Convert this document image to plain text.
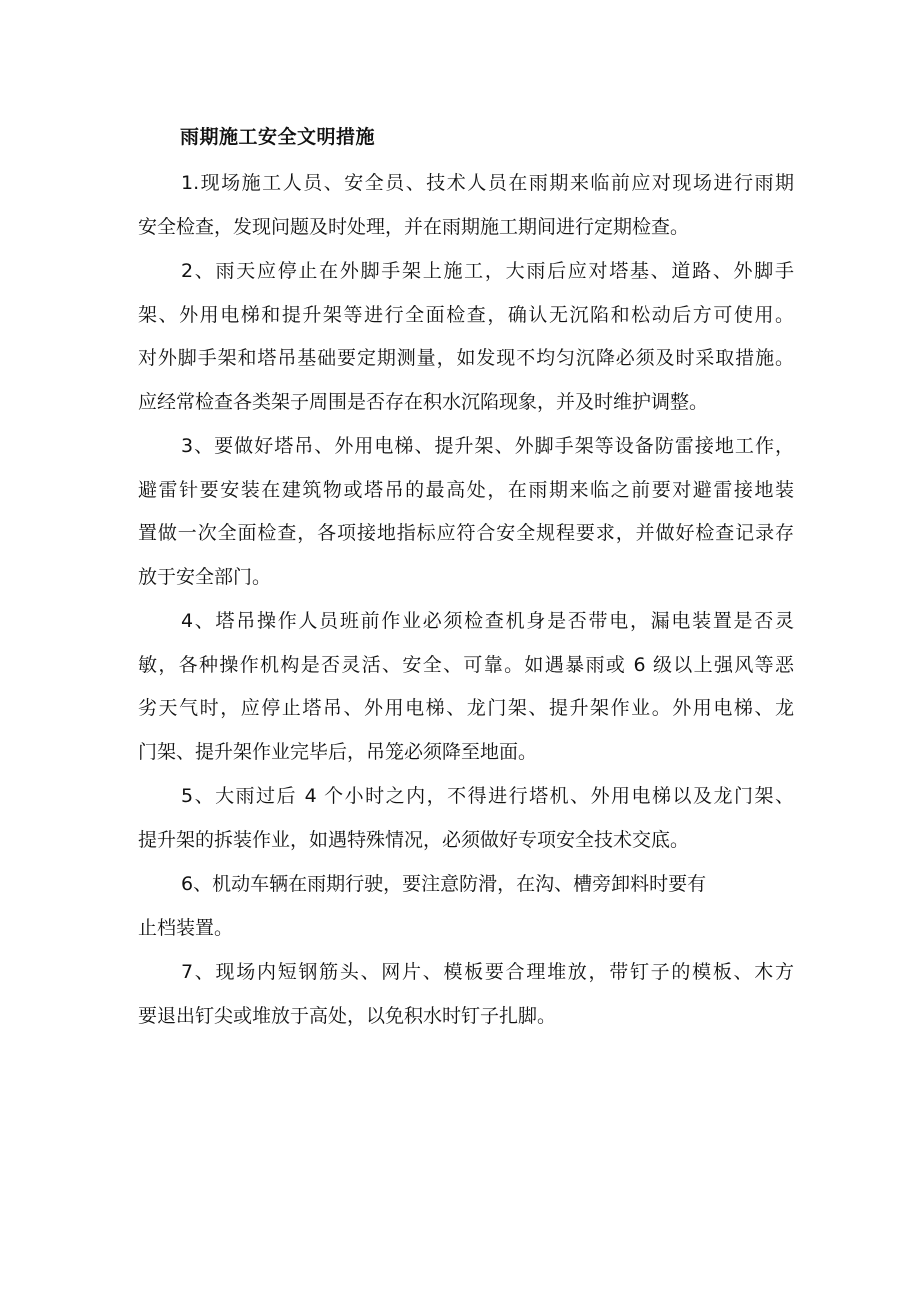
雨期施工安全文明措施
1.现场施工人员、安全员、技术人员在雨期来临前应对现场进行雨期
安全检查，发现问题及时处理，并在雨期施工期间进行定期检查。
2、雨天应停止在外脚手架上施工，大雨后应对塔基、道路、外脚手
架、外用电梯和提升架等进行全面检查，确认无沉陷和松动后方可使用。
对外脚手架和塔吊基础要定期测量，如发现不均匀沉降必须及时采取措施。
应经常检查各类架子周围是否存在积水沉陷现象，并及时维护调整。
3、要做好塔吊、外用电梯、提升架、外脚手架等设备防雷接地工作，
避雷针要安装在建筑物或塔吊的最高处，在雨期来临之前要对避雷接地装
置做一次全面检查，各项接地指标应符合安全规程要求，并做好检查记录存
放于安全部门。
4、塔吊操作人员班前作业必须检查机身是否带电，漏电装置是否灵
敏，各种操作机构是否灵活、安全、可靠。如遇暴雨或 6 级以上强风等恶
劣天气时，应停止塔吊、外用电梯、龙门架、提升架作业。外用电梯、龙
门架、提升架作业完毕后，吊笼必须降至地面。
5、大雨过后 4 个小时之内，不得进行塔机、外用电梯以及龙门架、
提升架的拆装作业，如遇特殊情况，必须做好专项安全技术交底。
6、机动车辆在雨期行驶，要注意防滑，在沟、槽旁卸料时要有
止档装置。
7、现场内短钢筋头、网片、模板要合理堆放，带钉子的模板、木方
要退出钉尖或堆放于高处，以免积水时钉子扎脚。
